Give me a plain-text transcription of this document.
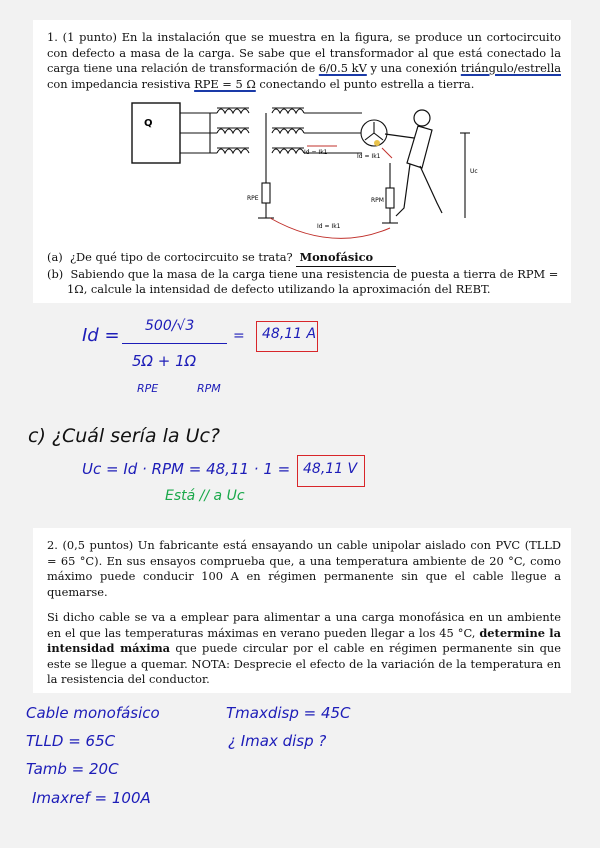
1. (1 punto) En la instalación que se muestra en la figura, se produce un cortocircuito con defecto a masa de la carga. Se sabe que el transformador al que está conectado la carga tiene una relación de transformación de 6/0.5 kV y una conexión triángulo/estrella con impedancia resistiva RPE = 5 Ω conectando el punto estrella a tierra.

Q
Id = Ik1
Id = Ik1
Id = Ik1
RPE	RPM
Uc

(a) ¿De qué tipo de cortocircuito se trata? Monofásico

(b) Sabiendo que la masa de la carga tiene una resistencia de puesta a tierra de RPM = 1Ω, calcule la intensidad de defecto utilizando la aproximación del REBT.

Id = 500/√3
=
5Ω + 1Ω
RPE	RPM
48,11 A
c) ¿Cuál sería la Uc?
Uc = Id · RPM = 48,11 · 1 = 48,11 V
Está // a Uc

2. (0,5 puntos) Un fabricante está ensayando un cable unipolar aislado con PVC (TLLD = 65 °C). En sus ensayos comprueba que, a una temperatura ambiente de 20 °C, como máximo puede conducir 100 A en régimen permanente sin que el cable llegue a quemarse.

Si dicho cable se va a emplear para alimentar a una carga monofásica en un ambiente en el que las temperaturas máximas en verano pueden llegar a los 45 °C, determine la intensidad máxima que puede circular por el cable en régimen permanente sin que este se llegue a quemar. NOTA: Desprecie el efecto de la variación de la temperatura en la resistencia del conductor.

Cable monofásico
TLLD = 65C
Tamb = 20C
Imaxref = 100A
Tmaxdisp = 45C
¿ Imax disp ?
